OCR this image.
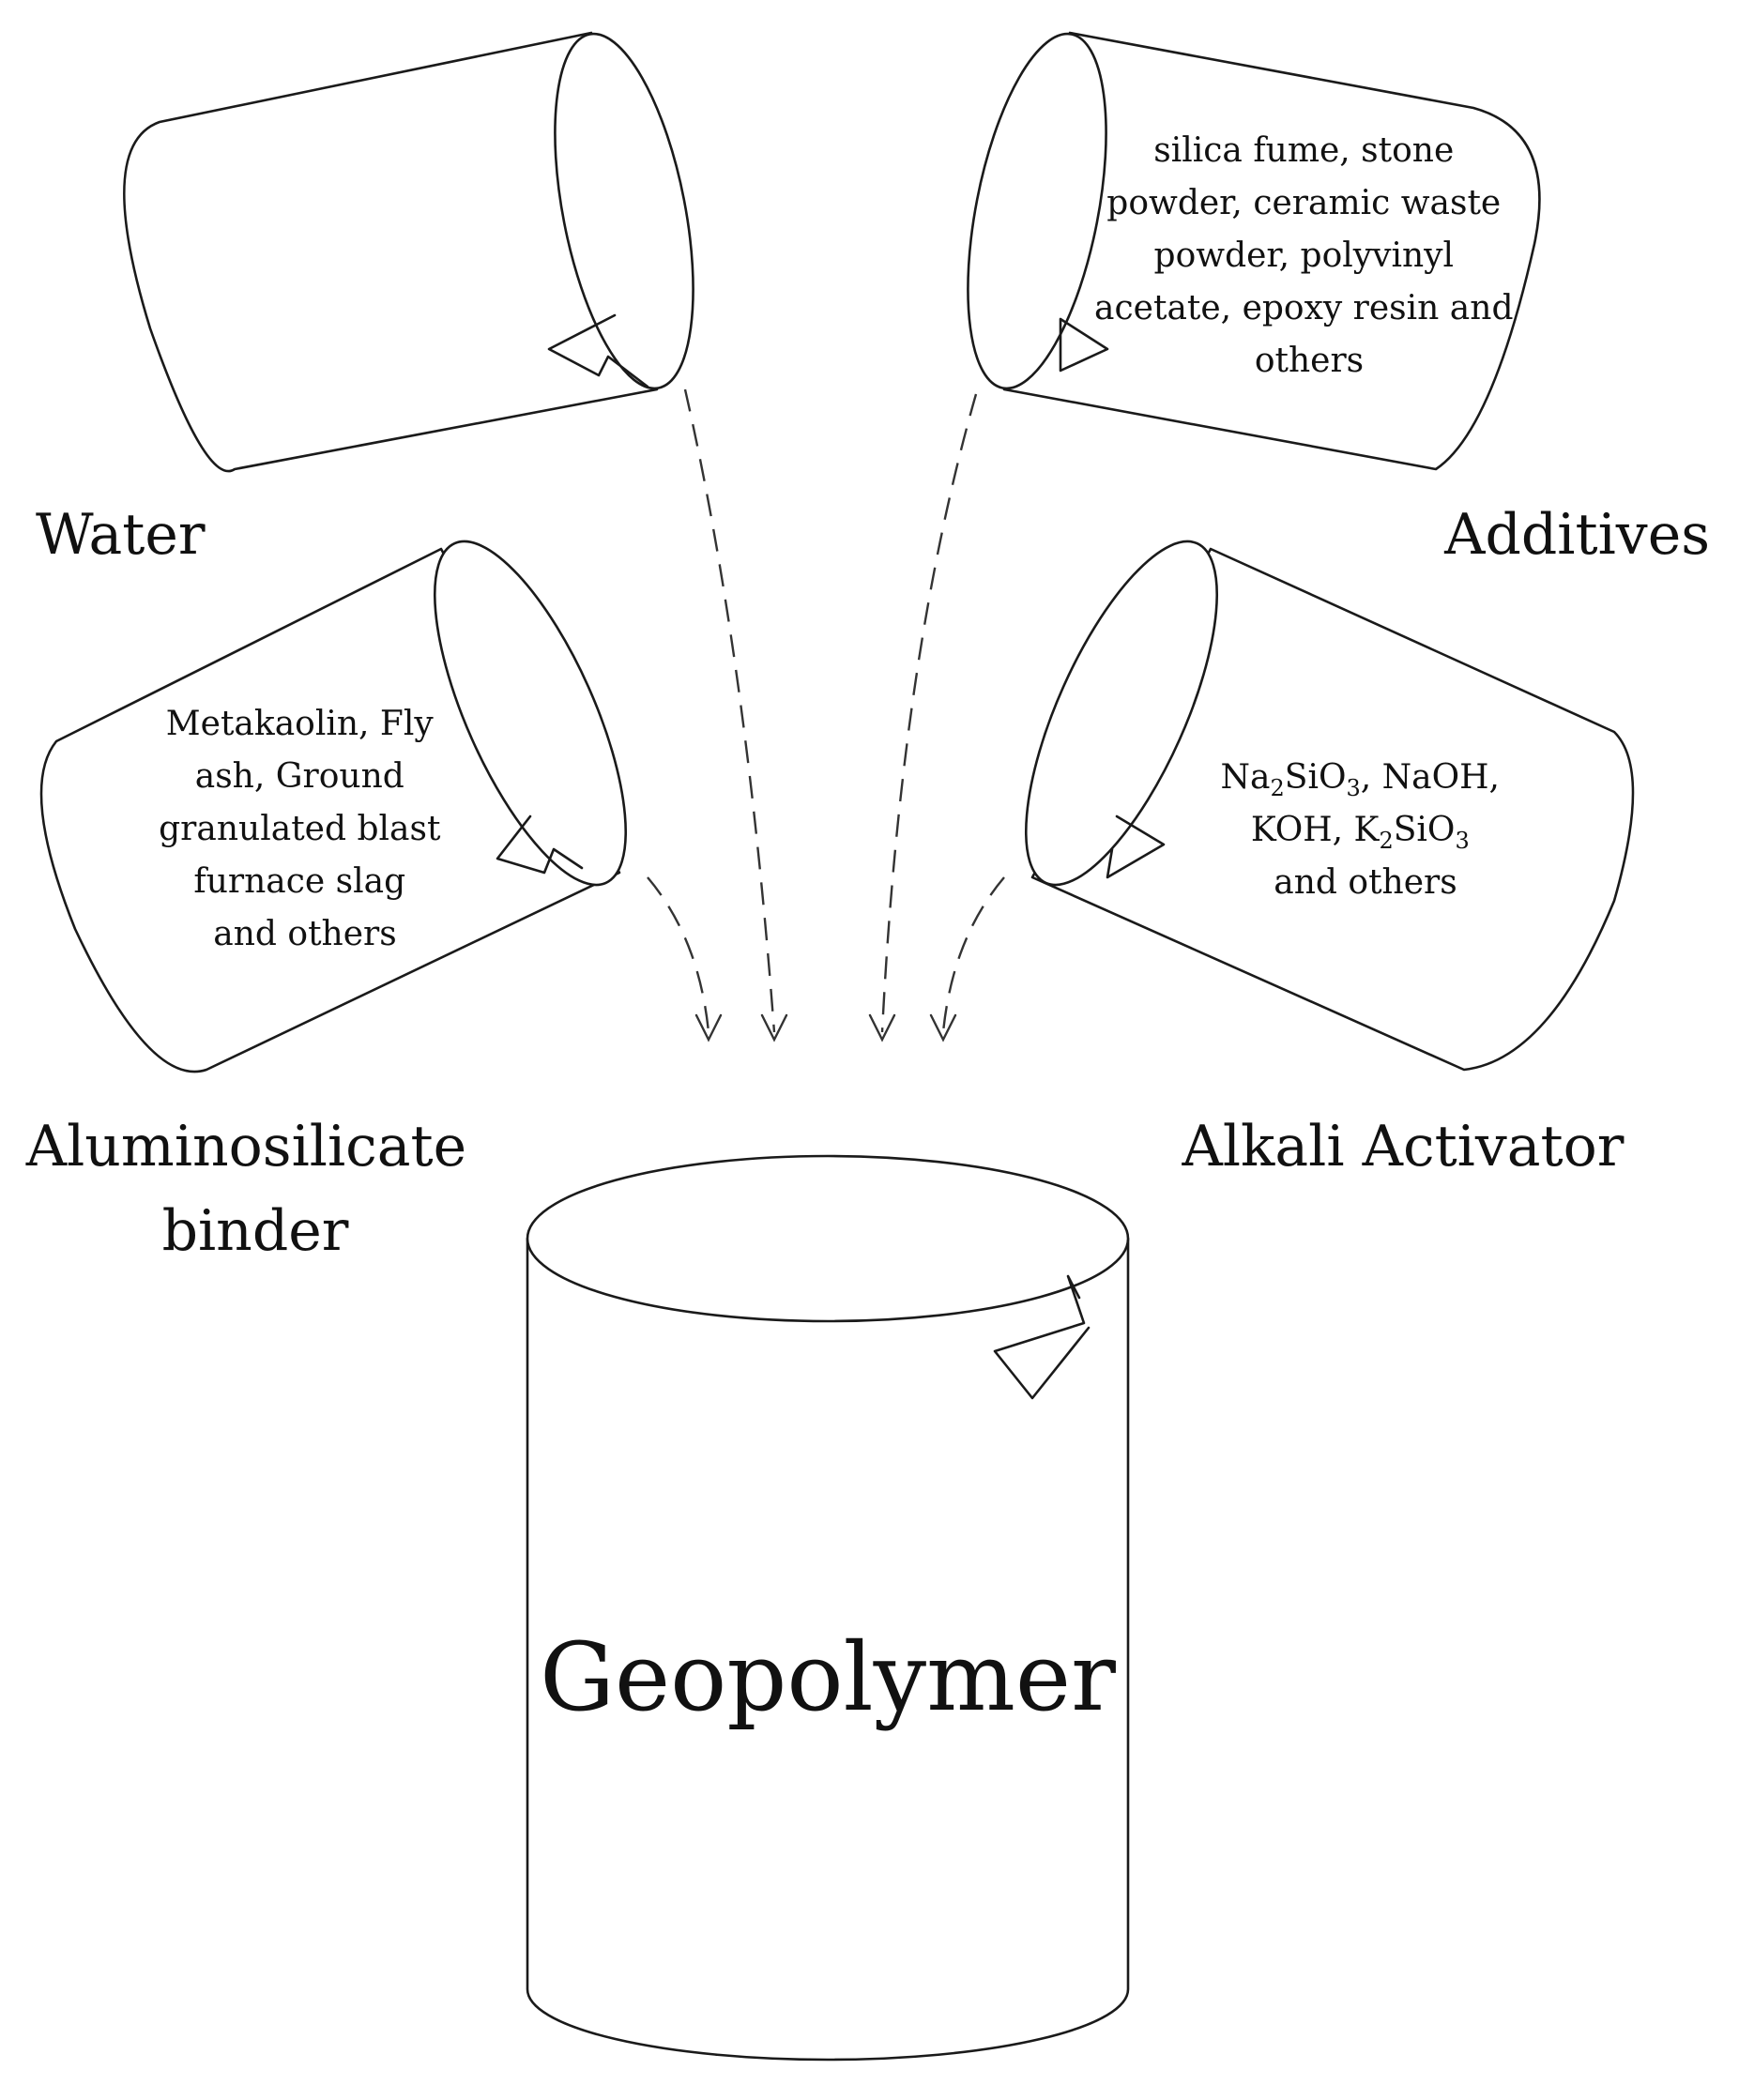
Water
silica fume, stone powder, ceramic waste powder, polyvinyl acetate, epoxy resin and others
Additives
Metakaolin, Fly ash, Ground granulated blast furnace slag and others
Aluminosilicate binder
$Na_2SiO_3$, NaOH, KOH, $K_2SiO_3$ and others
Alkali Activator
Geopolymer
